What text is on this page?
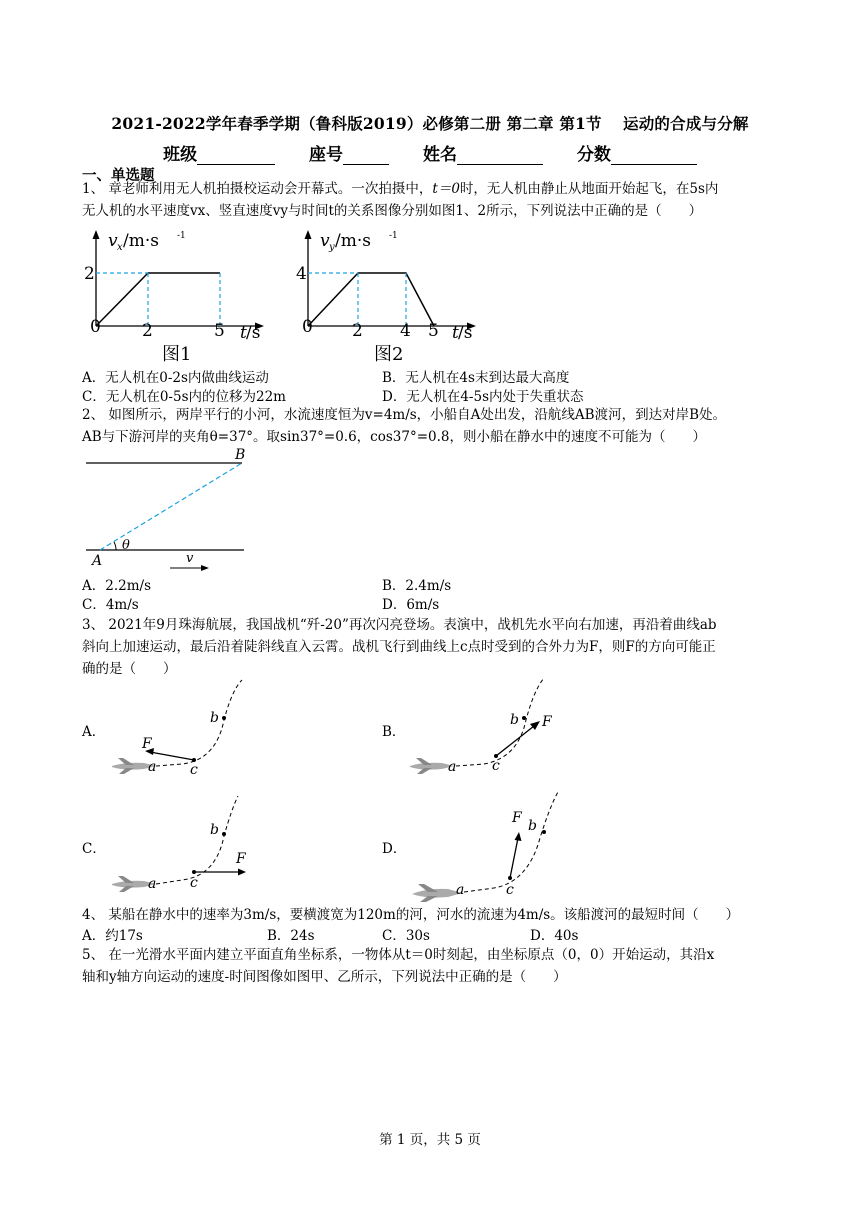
2021-2022学年春季学期（鲁科版2019）必修第二册 第二章 第1节　 运动的合成与分解
班级	座号	姓名	分数
一、单选题
1、 章老师利用无人机拍摄校运动会开幕式。一次拍摄中，t＝0时，无人机由静止从地面开始起飞，在5s内
无人机的水平速度vx、竖直速度vy与时间t的关系图像分别如图1、2所示，下列说法中正确的是（　　）
v x /m·s -1
2
0 2	5 t /s
图1
v y /m·s -1
4
0 2 4 5 t /s
图2
A．无人机在0-2s内做曲线运动	B．无人机在4s末到达最大高度
C．无人机在0-5s内的位移为22m	D．无人机在4-5s内处于失重状态
2、 如图所示，两岸平行的小河，水流速度恒为v=4m/s，小船自A处出发，沿航线AB渡河，到达对岸B处。
AB与下游河岸的夹角θ=37°。取sin37°=0.6，cos37°=0.8，则小船在静水中的速度不可能为（　　）
B
A
θ
v
A．2.2m/s	B．2.4m/s
C．4m/s	D．6m/s
3、 2021年9月珠海航展，我国战机“歼-20”再次闪亮登场。表演中，战机先水平向右加速，再沿着曲线ab
斜向上加速运动，最后沿着陡斜线直入云霄。战机飞行到曲线上c点时受到的合外力为F，则F的方向可能正
确的是（　　）
A．	B．
C．	D．
F
a
b
c
F
a
b
c
F
a
b
c
F
a
b
c
4、 某船在静水中的速率为3m/s，要横渡宽为120m的河，河水的流速为4m/s。该船渡河的最短时间（　　）
A．约17s	B．24s	C．30s	D．40s
5、 在一光滑水平面内建立平面直角坐标系，一物体从t＝0时刻起，由坐标原点（0，0）开始运动，其沿x
轴和y轴方向运动的速度-时间图像如图甲、乙所示，下列说法中正确的是（　　）
第 1 页，共 5 页
